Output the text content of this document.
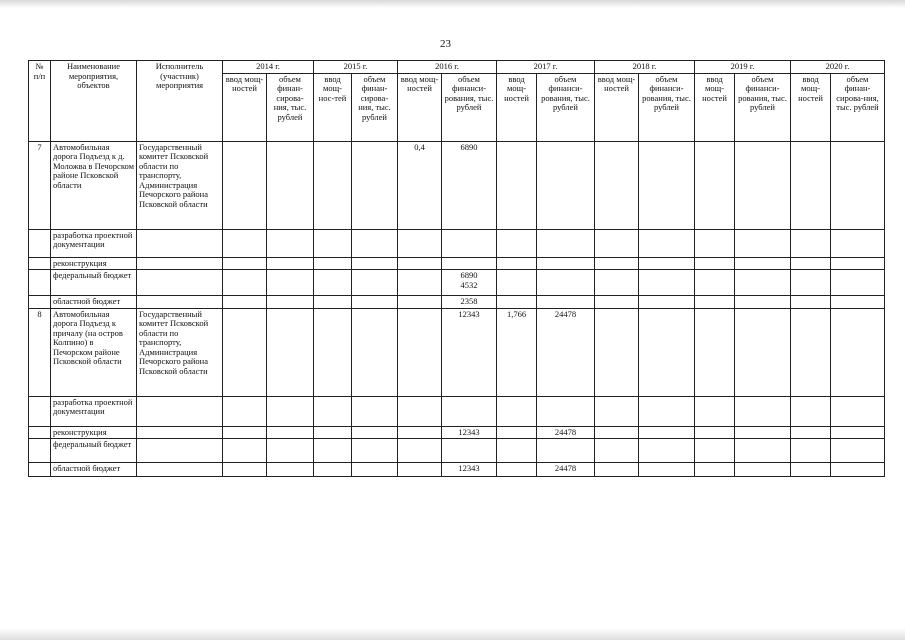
23
№ п/п	Наименование мероприятия, объектов	Исполнитель (участник) мероприятия	2014 г.		2015 г.		2016 г.		2017 г.		2018 г.		2019 г.		2020 г.	
			ввод мощ-ностей	объем финан-сирова-ния, тыс. рублей	ввод мощ-нос-тей	объем финан-сирова-ния, тыс. рублей	ввод мощ-ностей	объем финанси-рования, тыс. рублей	ввод мощ-ностей	объем финанси-рования, тыс. рублей	ввод мощ-ностей	объем финанси-рования, тыс. рублей	ввод мощ-ностей	объем финанси-рования, тыс. рублей	ввод мощ-ностей	объем финан-сирова-ния, тыс. рублей
7	Автомобильная дорога Подъезд к д. Моложва в Печорском районе Псковской области	Государственный комитет Псковской области по транспорту, Администрация Печорского района Псковской области					0,4	6890								
	разработка проектной документации															
	реконструкция															
	федеральный бюджет							6890
4532								
	областной бюджет							2358								
8	Автомобильная дорога Подъезд к причалу (на остров Колпино) в Печорском районе Псковской области	Государственный комитет Псковской области по транспорту, Администрация Печорского района Псковской области						12343	1,766	24478						
	разработка проектной документации															
	реконструкция							12343		24478						
	федеральный бюджет															
	областной бюджет							12343		24478						
